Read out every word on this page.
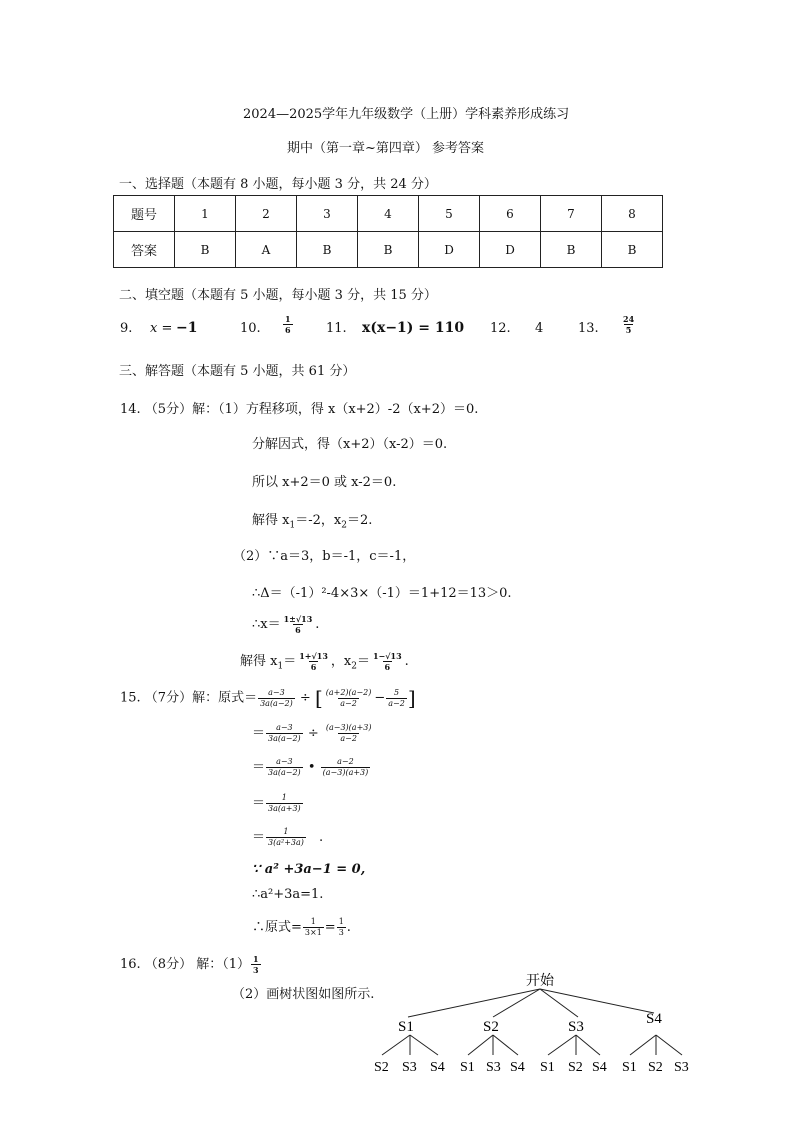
2024—2025学年九年级数学（上册）学科素养形成练习
期中（第一章~第四章） 参考答案
一、选择题（本题有 8 小题，每小题 3 分，共 24 分）
题号	1	2	3	4	5	6	7	8
答案	B	A	B	B	D	D	B	B
二、填空题（本题有 5 小题，每小题 3 分，共 15 分）
9. x = −1	10.	$\frac{1}{6}$	11. x(x−1) = 110 12. 4	13.	$\frac{24}{5}$
三、解答题（本题有 5 小题，共 61 分）
14. （5分）解：（1）方程移项，得 x（x+2）-2（x+2）＝0.
分解因式，得（x+2）（x-2）＝0.
所以 x+2＝0 或 x-2＝0.
解得 $x_1=-2$，$x_2=2$.
（2）∵a＝3，b＝-1，c＝-1，
∴Δ＝（-1）²-4×3×（-1）＝1+12＝13＞0.
∴x＝ $\frac{1\pm√13}{6}$ .
解得 $x_1= \frac{1+√13}{6}$ ，$x_2= \frac{1-√13}{6}$ .
15. （7分）解：原式＝ $\frac{a-3}{3a(a-2)}$ ÷ [ $\frac{(a+2)(a-2)}{a-2} - \frac{5}{a-2}$ ]
＝ $\frac{a-3}{3a(a-2)} \div \frac{(a-3)(a+3)}{a-2}$
＝ $\frac{a-3}{3a(a-2)}$ • $\frac{a-2}{(a-3)(a+3)}$
＝ $\frac{1}{3a(a+3)}$
＝ $\frac{1}{\text{3(a²+3a)}}$ .
∵ a² +3a−1 = 0,
∴a²+3a=1.
∴原式= $\frac{1}{3\times 1} = \frac{1}{3}$ .
16. （8分） 解：$(1) \frac{1}{3}$
（2）画树状图如图所示.
开始
S1	S2	S3	S4
S2 S3 S4 S1 S3 S4 S1 S2 S4 S1 S2 S3
